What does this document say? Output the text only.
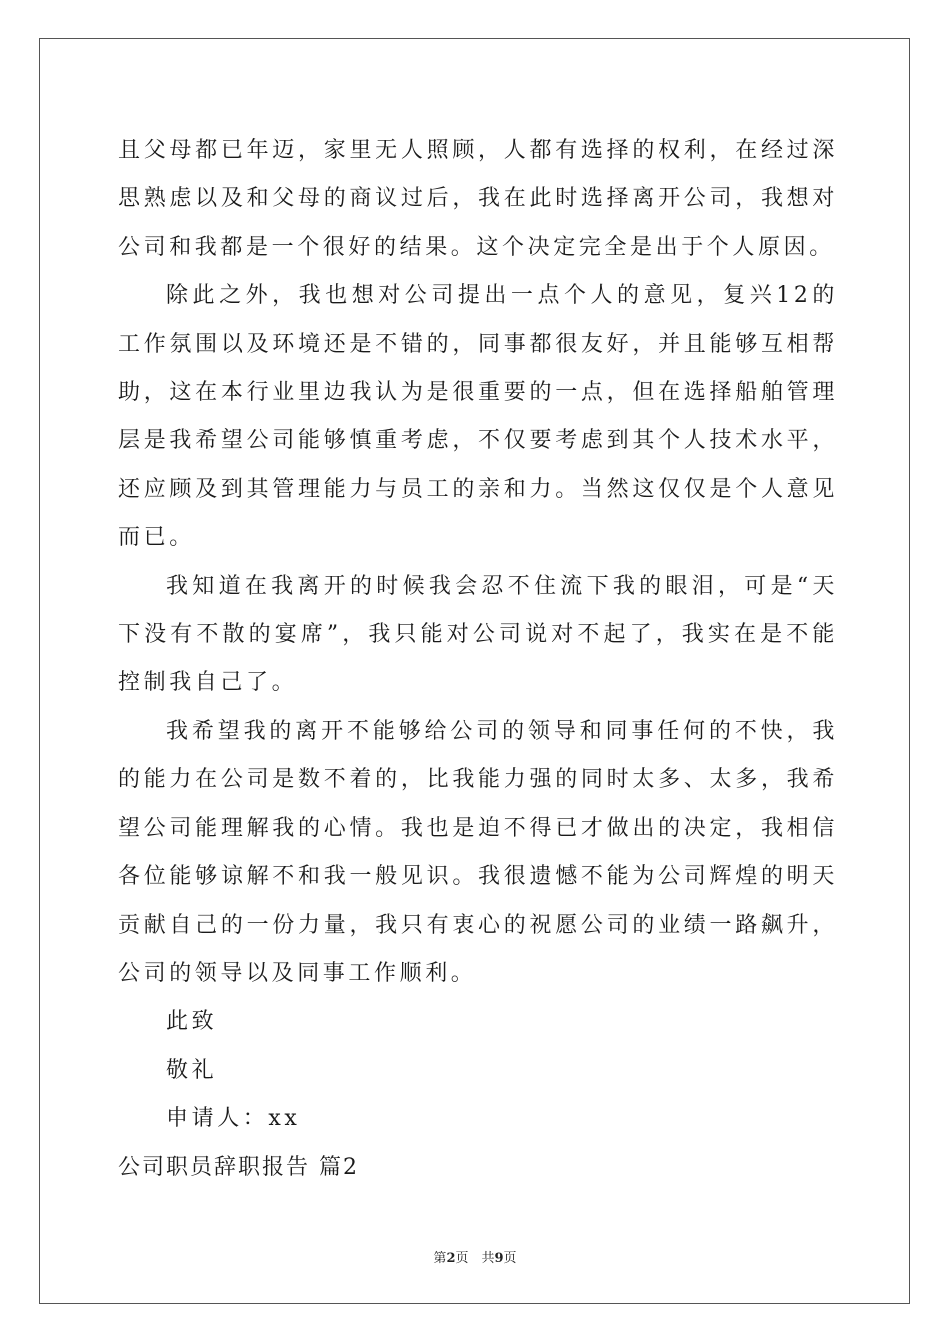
且父母都已年迈，家里无人照顾，人都有选择的权利，在经过深思熟虑以及和父母的商议过后，我在此时选择离开公司，我想对公司和我都是一个很好的结果。这个决定完全是出于个人原因。

除此之外，我也想对公司提出一点个人的意见，复兴12的工作氛围以及环境还是不错的，同事都很友好，并且能够互相帮助，这在本行业里边我认为是很重要的一点，但在选择船舶管理层是我希望公司能够慎重考虑，不仅要考虑到其个人技术水平，还应顾及到其管理能力与员工的亲和力。当然这仅仅是个人意见而已。

我知道在我离开的时候我会忍不住流下我的眼泪，可是“天下没有不散的宴席”，我只能对公司说对不起了，我实在是不能控制我自己了。

我希望我的离开不能够给公司的领导和同事任何的不快，我的能力在公司是数不着的，比我能力强的同时太多、太多，我希望公司能理解我的心情。我也是迫不得已才做出的决定，我相信各位能够谅解不和我一般见识。我很遗憾不能为公司辉煌的明天贡献自己的一份力量，我只有衷心的祝愿公司的业绩一路飙升，公司的领导以及同事工作顺利。

此致

敬礼

申请人：xx

公司职员辞职报告 篇2

第2页　共9页
